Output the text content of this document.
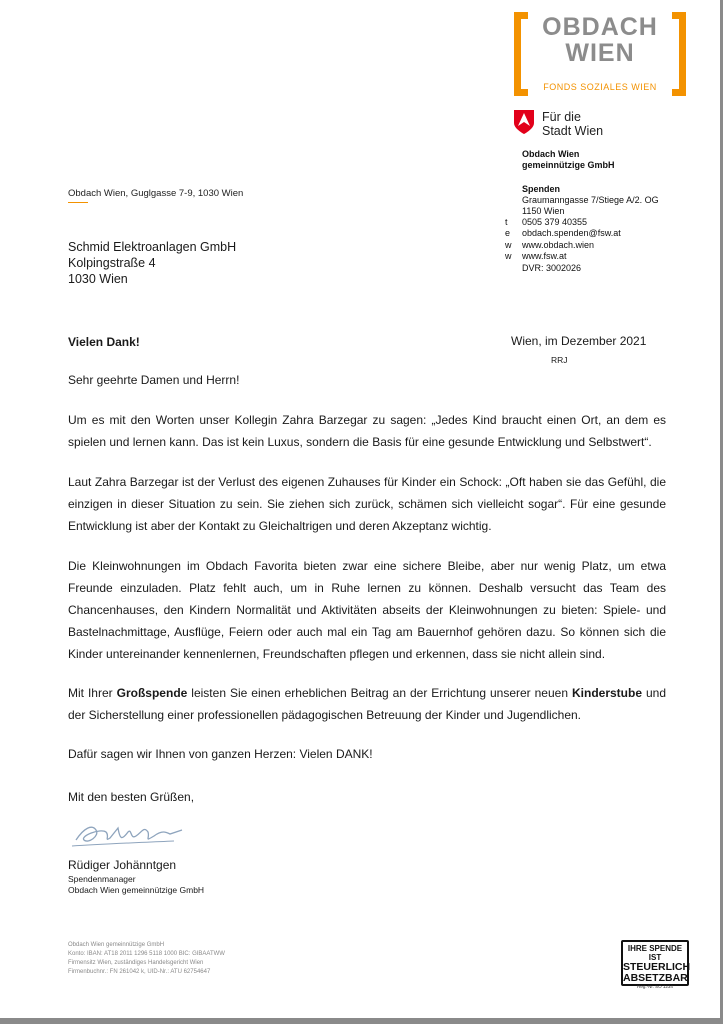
OBDACH
WIEN
FONDS SOZIALES WIEN
Für die
Stadt Wien
Obdach Wien
gemeinnützige GmbH
Spenden
Graumanngasse 7/Stiege A/2. OG
1150 Wien
t	0505 379 40355
e	obdach.spenden@fsw.at
w	www.obdach.wien
w	www.fsw.at
DVR: 3002026
Obdach Wien, Guglgasse 7-9, 1030 Wien
Schmid Elektroanlagen GmbH
Kolpingstraße 4
1030 Wien
Vielen Dank!	Wien, im Dezember 2021
RRJ
Sehr geehrte Damen und Herrn!
Um es mit den Worten unser Kollegin Zahra Barzegar zu sagen: „Jedes Kind braucht einen Ort, an dem es spielen und lernen kann. Das ist kein Luxus, sondern die Basis für eine gesunde Entwicklung und Selbstwert“.
Laut Zahra Barzegar ist der Verlust des eigenen Zuhauses für Kinder ein Schock: „Oft haben sie das Gefühl, die einzigen in dieser Situation zu sein. Sie ziehen sich zurück, schämen sich vielleicht sogar“. Für eine gesunde Entwicklung ist aber der Kontakt zu Gleichaltrigen und deren Akzeptanz wichtig.
Die Kleinwohnungen im Obdach Favorita bieten zwar eine sichere Bleibe, aber nur wenig Platz, um etwa Freunde einzuladen. Platz fehlt auch, um in Ruhe lernen zu können. Deshalb versucht das Team des Chancenhauses, den Kindern Normalität und Aktivitäten abseits der Kleinwohnungen zu bieten: Spiele- und Bastelnachmittage, Ausflüge, Feiern oder auch mal ein Tag am Bauernhof gehören dazu. So können sich die Kinder untereinander kennenlernen, Freundschaften pflegen und erkennen, dass sie nicht allein sind.
Mit Ihrer Großspende leisten Sie einen erheblichen Beitrag an der Errichtung unserer neuen Kinderstube und der Sicherstellung einer professionellen pädagogischen Betreuung der Kinder und Jugendlichen.
Dafür sagen wir Ihnen von ganzen Herzen: Vielen DANK!
Mit den besten Grüßen,
Rüdiger Johänntgen
Spendenmanager
Obdach Wien gemeinnützige GmbH
Obdach Wien gemeinnützige GmbH
Konto: IBAN: AT18 2011 1296 5118 1000 BIC: GIBAATWW
Firmensitz Wien, zuständiges Handelsgericht Wien
Firmenbuchnr.: FN 261042 k, UID-Nr.: ATU 62754647
IHRE SPENDE IST
STEUERLICH
ABSETZBAR
Reg.-Nr. SO 1234
